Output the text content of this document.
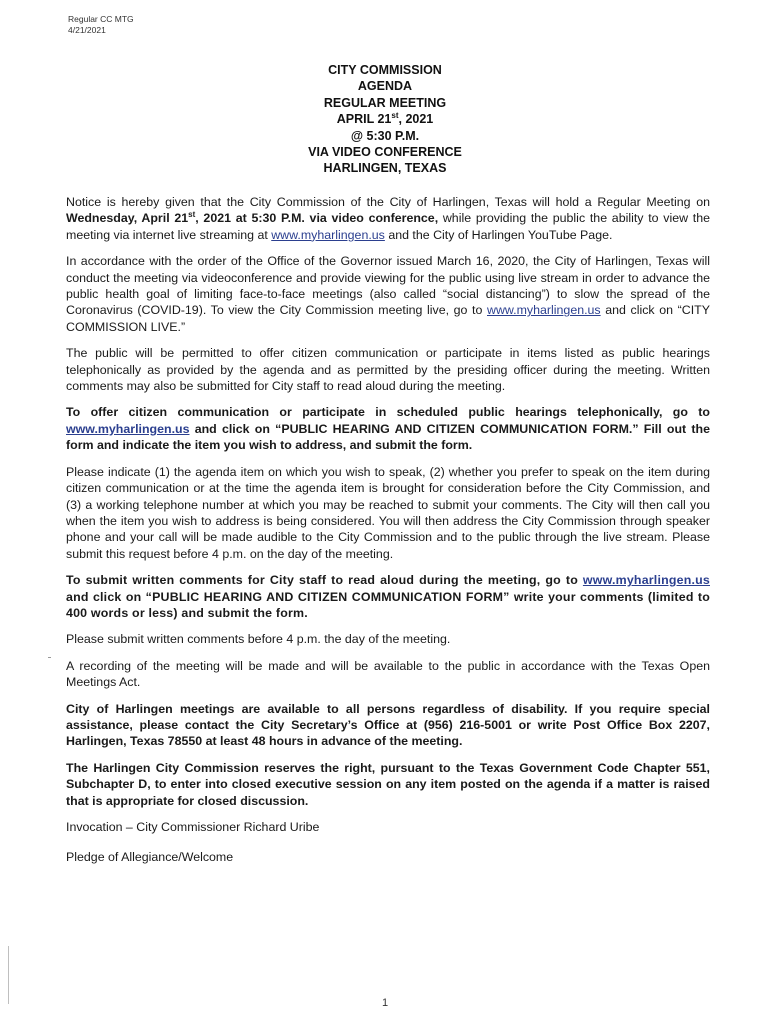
Regular CC MTG
4/21/2021
CITY COMMISSION
AGENDA
REGULAR MEETING
APRIL 21st, 2021
@ 5:30 P.M.
VIA VIDEO CONFERENCE
HARLINGEN, TEXAS

Notice is hereby given that the City Commission of the City of Harlingen, Texas will hold a Regular Meeting on Wednesday, April 21st, 2021 at 5:30 P.M. via video conference, while providing the public the ability to view the meeting via internet live streaming at www.myharlingen.us and the City of Harlingen YouTube Page.

In accordance with the order of the Office of the Governor issued March 16, 2020, the City of Harlingen, Texas will conduct the meeting via videoconference and provide viewing for the public using live stream in order to advance the public health goal of limiting face-to-face meetings (also called “social distancing”) to slow the spread of the Coronavirus (COVID-19). To view the City Commission meeting live, go to www.myharlingen.us and click on “CITY COMMISSION LIVE.”

The public will be permitted to offer citizen communication or participate in items listed as public hearings telephonically as provided by the agenda and as permitted by the presiding officer during the meeting. Written comments may also be submitted for City staff to read aloud during the meeting.

To offer citizen communication or participate in scheduled public hearings telephonically, go to www.myharlingen.us and click on “PUBLIC HEARING AND CITIZEN COMMUNICATION FORM.” Fill out the form and indicate the item you wish to address, and submit the form.

Please indicate (1) the agenda item on which you wish to speak, (2) whether you prefer to speak on the item during citizen communication or at the time the agenda item is brought for consideration before the City Commission, and (3) a working telephone number at which you may be reached to submit your comments. The City will then call you when the item you wish to address is being considered. You will then address the City Commission through speaker phone and your call will be made audible to the City Commission and to the public through the live stream. Please submit this request before 4 p.m. on the day of the meeting.

To submit written comments for City staff to read aloud during the meeting, go to www.myharlingen.us and click on “PUBLIC HEARING AND CITIZEN COMMUNICATION FORM” write your comments (limited to 400 words or less) and submit the form.

Please submit written comments before 4 p.m. the day of the meeting.

A recording of the meeting will be made and will be available to the public in accordance with the Texas Open Meetings Act.

City of Harlingen meetings are available to all persons regardless of disability. If you require special assistance, please contact the City Secretary’s Office at (956) 216-5001 or write Post Office Box 2207, Harlingen, Texas 78550 at least 48 hours in advance of the meeting.

The Harlingen City Commission reserves the right, pursuant to the Texas Government Code Chapter 551, Subchapter D, to enter into closed executive session on any item posted on the agenda if a matter is raised that is appropriate for closed discussion.

Invocation – City Commissioner Richard Uribe

Pledge of Allegiance/Welcome

1
